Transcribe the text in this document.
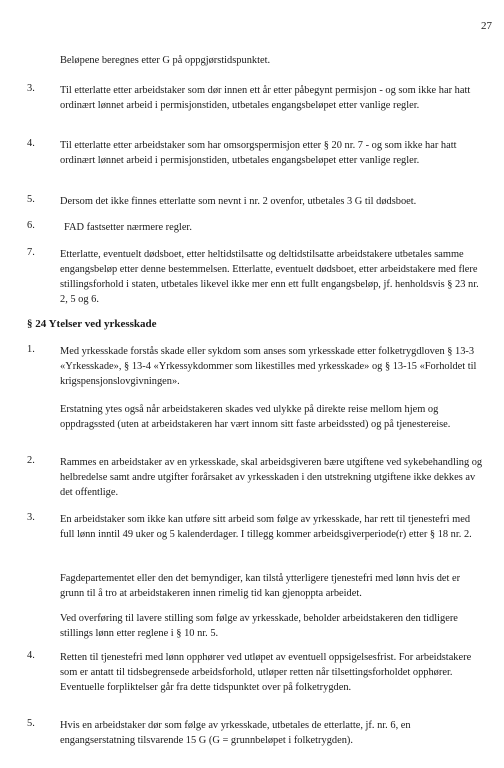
27
Beløpene beregnes etter G på oppgjørstidspunktet.
3. Til etterlatte etter arbeidstaker som dør innen ett år etter påbegynt permisjon - og som ikke har hatt ordinært lønnet arbeid i permisjonstiden, utbetales engangsbeløpet etter vanlige regler.
4. Til etterlatte etter arbeidstaker som har omsorgspermisjon etter § 20 nr. 7 - og som ikke har hatt ordinært lønnet arbeid i permisjonstiden, utbetales engangsbeløpet etter vanlige regler.
5. Dersom det ikke finnes etterlatte som nevnt i nr. 2 ovenfor, utbetales 3 G til dødsboet.
6.	FAD fastsetter nærmere regler.
7. Etterlatte, eventuelt dødsboet, etter heltidstilsatte og deltidstilsatte arbeidstakere utbetales samme engangsbeløp etter denne bestemmelsen. Etterlatte, eventuelt dødsboet, etter arbeidstakere med flere stillingsforhold i staten, utbetales likevel ikke mer enn ett fullt engangsbeløp, jf. henholdsvis § 23 nr. 2, 5 og 6.
§ 24 Ytelser ved yrkesskade
1. Med yrkesskade forstås skade eller sykdom som anses som yrkesskade etter folketrygdloven § 13-3 «Yrkesskade», § 13-4 «Yrkessykdommer som likestilles med yrkesskade» og § 13-15 «Forholdet til krigspensjonslovgivningen».
Erstatning ytes også når arbeidstakeren skades ved ulykke på direkte reise mellom hjem og oppdragssted (uten at arbeidstakeren har vært innom sitt faste arbeidssted) og på tjenestereise.
2. Rammes en arbeidstaker av en yrkesskade, skal arbeidsgiveren bære utgiftene ved sykebehandling og helbredelse samt andre utgifter forårsaket av yrkesskaden i den utstrekning utgiftene ikke dekkes av det offentlige.
3. En arbeidstaker som ikke kan utføre sitt arbeid som følge av yrkesskade, har rett til tjenestefri med full lønn inntil 49 uker og 5 kalenderdager. I tillegg kommer arbeidsgiverperiode(r) etter § 18 nr. 2.
Fagdepartementet eller den det bemyndiger, kan tilstå ytterligere tjenestefri med lønn hvis det er grunn til å tro at arbeidstakeren innen rimelig tid kan gjenoppta arbeidet.
Ved overføring til lavere stilling som følge av yrkesskade, beholder arbeidstakeren den tidligere stillings lønn etter reglene i § 10 nr. 5.
4. Retten til tjenestefri med lønn opphører ved utløpet av eventuell oppsigelsesfrist. For arbeidstakere som er antatt til tidsbegrensede arbeidsforhold, utløper retten når tilsettingsforholdet opphører. Eventuelle forpliktelser går fra dette tidspunktet over på folketrygden.
5. Hvis en arbeidstaker dør som følge av yrkesskade, utbetales de etterlatte, jf. nr. 6, en engangserstatning tilsvarende 15 G (G = grunnbeløpet i folketrygden).
